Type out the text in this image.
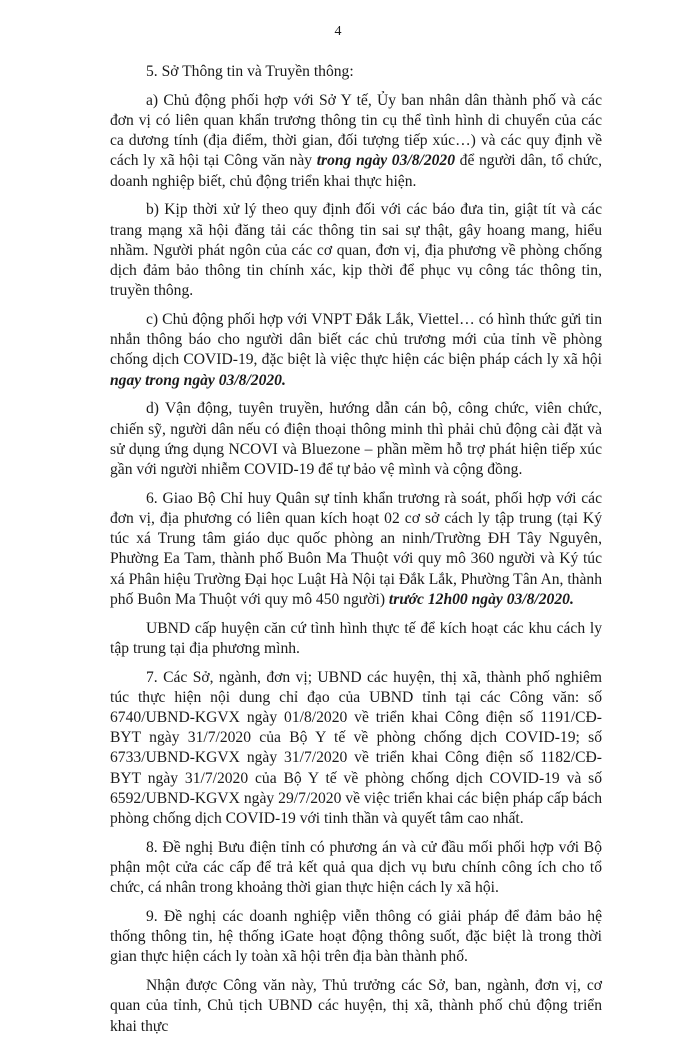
4

5. Sở Thông tin và Truyền thông:

a) Chủ động phối hợp với Sở Y tế, Ủy ban nhân dân thành phố và các đơn vị có liên quan khẩn trương thông tin cụ thể tình hình di chuyển của các ca dương tính (địa điểm, thời gian, đối tượng tiếp xúc…) và các quy định về cách ly xã hội tại Công văn này trong ngày 03/8/2020 để người dân, tổ chức, doanh nghiệp biết, chủ động triển khai thực hiện.

b) Kịp thời xử lý theo quy định đối với các báo đưa tin, giật tít và các trang mạng xã hội đăng tải các thông tin sai sự thật, gây hoang mang, hiểu nhầm. Người phát ngôn của các cơ quan, đơn vị, địa phương về phòng chống dịch đảm bảo thông tin chính xác, kịp thời để phục vụ công tác thông tin, truyền thông.

c) Chủ động phối hợp với VNPT Đắk Lắk, Viettel… có hình thức gửi tin nhắn thông báo cho người dân biết các chủ trương mới của tỉnh về phòng chống dịch COVID-19, đặc biệt là việc thực hiện các biện pháp cách ly xã hội ngay trong ngày 03/8/2020.

d) Vận động, tuyên truyền, hướng dẫn cán bộ, công chức, viên chức, chiến sỹ, người dân nếu có điện thoại thông minh thì phải chủ động cài đặt và sử dụng ứng dụng NCOVI và Bluezone – phần mềm hỗ trợ phát hiện tiếp xúc gần với người nhiễm COVID-19 để tự bảo vệ mình và cộng đồng.

6. Giao Bộ Chỉ huy Quân sự tỉnh khẩn trương rà soát, phối hợp với các đơn vị, địa phương có liên quan kích hoạt 02 cơ sở cách ly tập trung (tại Ký túc xá Trung tâm giáo dục quốc phòng an ninh/Trường ĐH Tây Nguyên, Phường Ea Tam, thành phố Buôn Ma Thuột với quy mô 360 người và Ký túc xá Phân hiệu Trường Đại học Luật Hà Nội tại Đắk Lắk, Phường Tân An, thành phố Buôn Ma Thuột với quy mô 450 người) trước 12h00 ngày 03/8/2020.

UBND cấp huyện căn cứ tình hình thực tế để kích hoạt các khu cách ly tập trung tại địa phương mình.

7. Các Sở, ngành, đơn vị; UBND các huyện, thị xã, thành phố nghiêm túc thực hiện nội dung chỉ đạo của UBND tỉnh tại các Công văn: số 6740/UBND-KGVX ngày 01/8/2020 về triển khai Công điện số 1191/CĐ-BYT ngày 31/7/2020 của Bộ Y tế về phòng chống dịch COVID-19; số 6733/UBND-KGVX ngày 31/7/2020 về triển khai Công điện số 1182/CĐ-BYT ngày 31/7/2020 của Bộ Y tế về phòng chống dịch COVID-19 và số 6592/UBND-KGVX ngày 29/7/2020 về việc triển khai các biện pháp cấp bách phòng chống dịch COVID-19 với tinh thần và quyết tâm cao nhất.

8. Đề nghị Bưu điện tỉnh có phương án và cử đầu mối phối hợp với Bộ phận một cửa các cấp để trả kết quả qua dịch vụ bưu chính công ích cho tổ chức, cá nhân trong khoảng thời gian thực hiện cách ly xã hội.

9. Đề nghị các doanh nghiệp viễn thông có giải pháp để đảm bảo hệ thống thông tin, hệ thống iGate hoạt động thông suốt, đặc biệt là trong thời gian thực hiện cách ly toàn xã hội trên địa bàn thành phố.

Nhận được Công văn này, Thủ trưởng các Sở, ban, ngành, đơn vị, cơ quan của tỉnh, Chủ tịch UBND các huyện, thị xã, thành phố chủ động triển khai thực
